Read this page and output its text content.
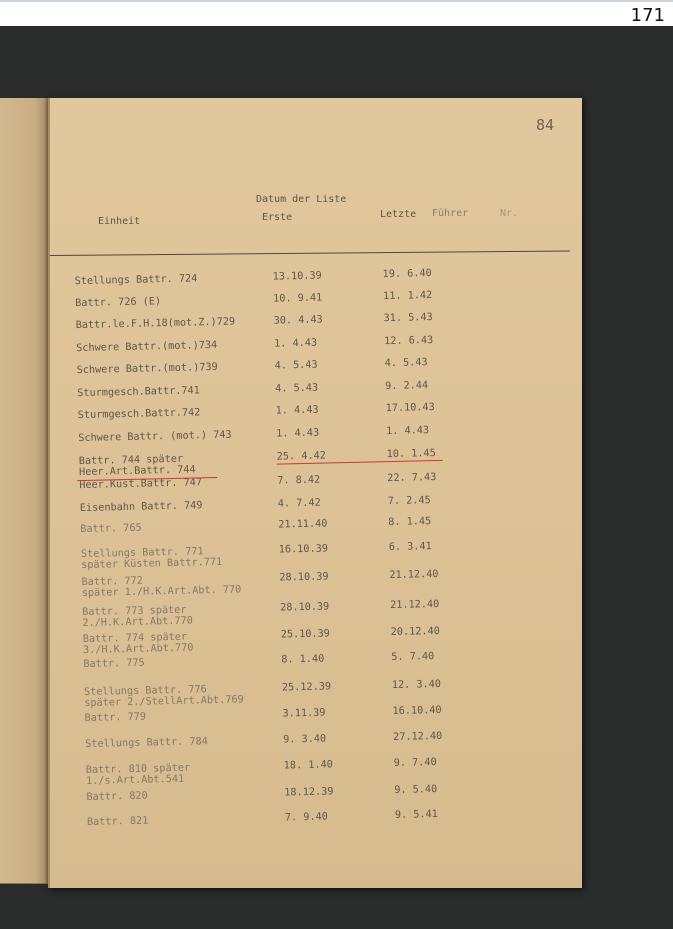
171
84
Datum der Liste
Einheit	Erste	Letzte Führer	Nr.
Stellungs Battr. 724	13.10.39	19. 6.40
Battr. 726 (E)	10. 9.41	11. 1.42
Battr.le.F.H.18(mot.Z.)729	30. 4.43	31. 5.43
Schwere Battr.(mot.)734	1. 4.43	12. 6.43
Schwere Battr.(mot.)739	4. 5.43	4. 5.43
Sturmgesch.Battr.741	4. 5.43	9. 2.44
Sturmgesch.Battr.742	1. 4.43	17.10.43
Schwere Battr. (mot.) 743	1. 4.43	1. 4.43
Battr. 744 später
Heer.Art.Battr. 744
25. 4.42	10. 1.45
Heer.Küst.Battr. 747	7. 8.42	22. 7.43
Eisenbahn Battr. 749	4. 7.42	7. 2.45
Battr. 765	21.11.40	8. 1.45
Stellungs Battr. 771
später Küsten Battr.771
16.10.39	6. 3.41
Battr. 772
später 1./H.K.Art.Abt. 770
28.10.39	21.12.40
Battr. 773 später
2./H.K.Art.Abt.770
28.10.39	21.12.40
Battr. 774 später
3./H.K.Art.Abt.770
25.10.39	20.12.40
Battr. 775	8. 1.40	5. 7.40
Stellungs Battr. 776
später 2./StellArt.Abt.769
25.12.39	12. 3.40
Battr. 779	3.11.39	16.10.40
Stellungs Battr. 784	9. 3.40	27.12.40
Battr. 810 später
1./s.Art.Abt.541
18. 1.40	9. 7.40
Battr. 820	18.12.39	9. 5.40
Battr. 821	7. 9.40	9. 5.41
